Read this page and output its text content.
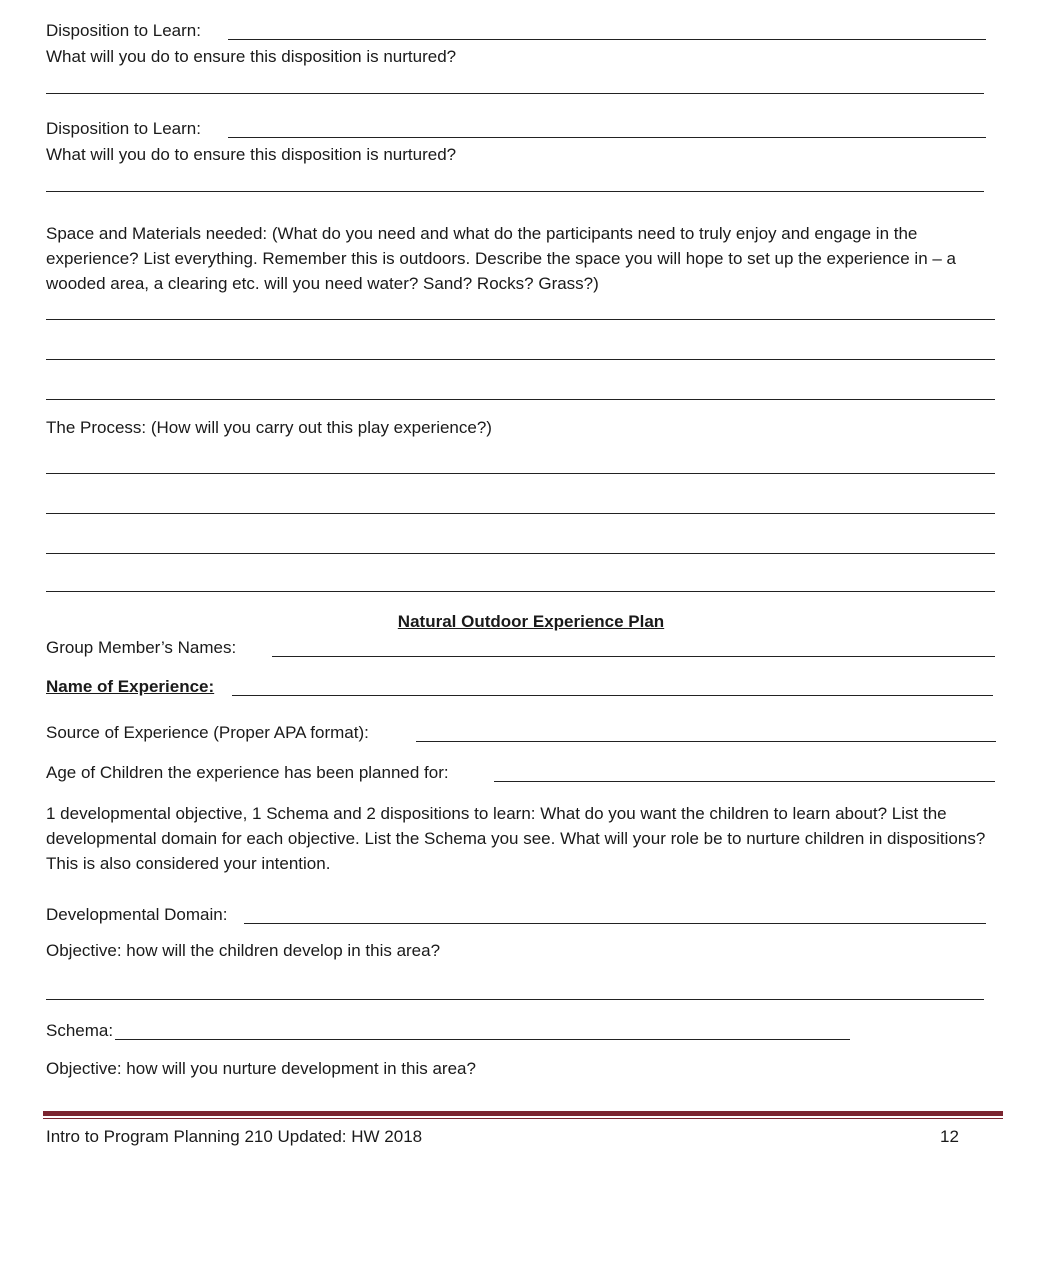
Disposition to Learn:
What will you do to ensure this disposition is nurtured?
Disposition to Learn:
What will you do to ensure this disposition is nurtured?
Space and Materials needed: (What do you need and what do the participants need to truly enjoy and engage in the experience? List everything. Remember this is outdoors. Describe the space you will hope to set up the experience in – a wooded area, a clearing etc. will you need water? Sand? Rocks? Grass?)
The Process: (How will you carry out this play experience?)
Natural Outdoor Experience Plan
Group Member’s Names:
Name of Experience:
Source of Experience (Proper APA format):
Age of Children the experience has been planned for:
1 developmental objective, 1 Schema and 2 dispositions to learn: What do you want the children to learn about? List the developmental domain for each objective. List the Schema you see. What will your role be to nurture children in dispositions? This is also considered your intention.
Developmental Domain:
Objective: how will the children develop in this area?
Schema:
Objective: how will you nurture development in this area?
Intro to Program Planning 210 Updated: HW 2018	12
